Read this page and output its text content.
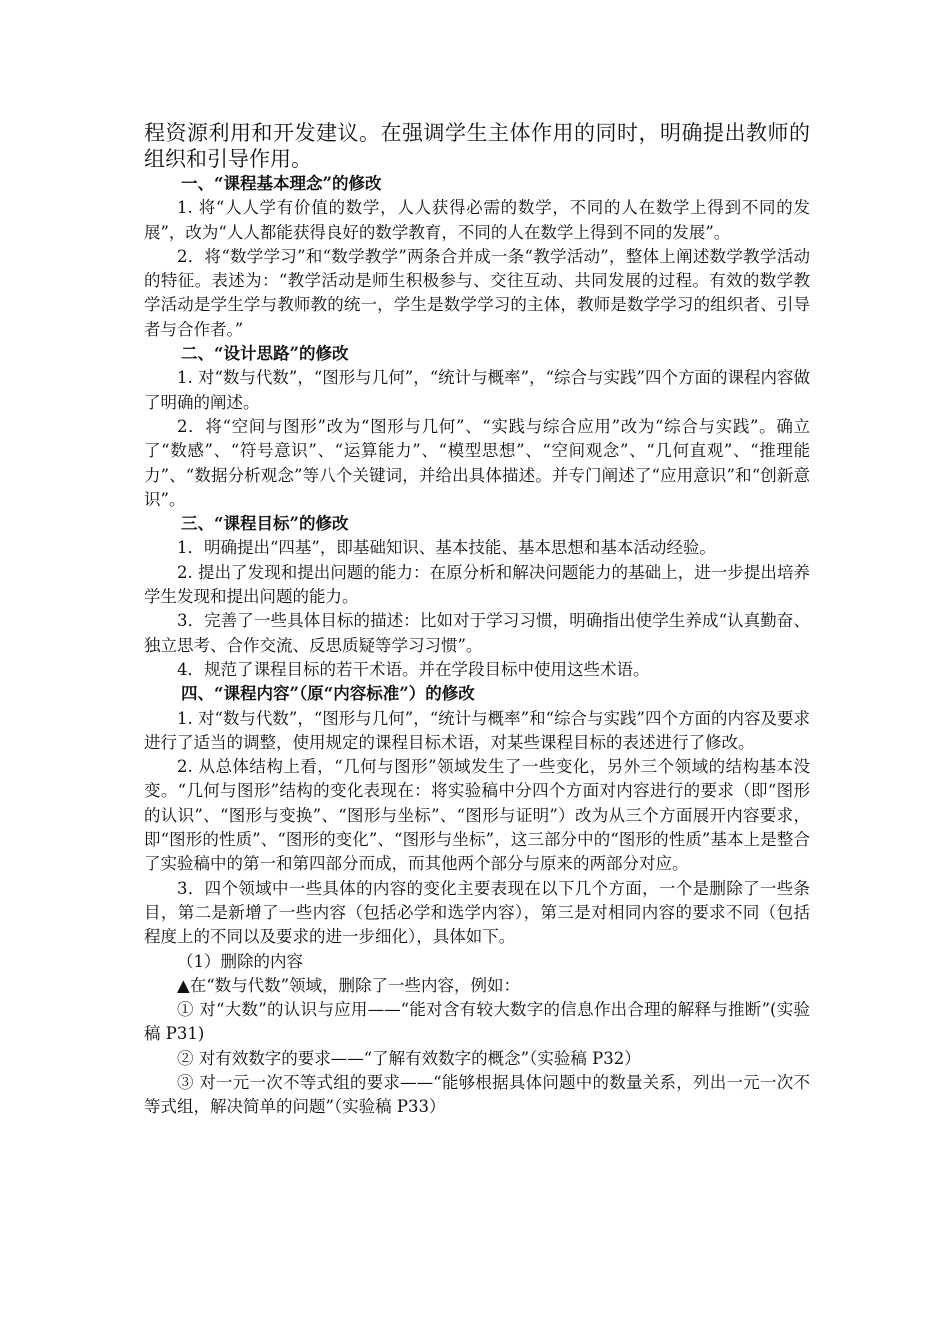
程资源利用和开发建议。在强调学生主体作用的同时，明确提出教师的组织和引导作用。

一、“课程基本理念”的修改

1. 将“人人学有价值的数学，人人获得必需的数学，不同的人在数学上得到不同的发展”，改为“人人都能获得良好的数学教育，不同的人在数学上得到不同的发展”。

2．将“数学学习”和“数学教学”两条合并成一条“教学活动”，整体上阐述数学教学活动的特征。表述为：“教学活动是师生积极参与、交往互动、共同发展的过程。有效的数学教学活动是学生学与教师教的统一，学生是数学学习的主体，教师是数学学习的组织者、引导者与合作者。”

二、“设计思路”的修改

1. 对“数与代数”，“图形与几何”，“统计与概率”，“综合与实践”四个方面的课程内容做了明确的阐述。

2．将“空间与图形”改为“图形与几何”、“实践与综合应用”改为“综合与实践”。确立了“数感”、“符号意识”、“运算能力”、“模型思想”、“空间观念”、“几何直观”、“推理能力”、“数据分析观念”等八个关键词，并给出具体描述。并专门阐述了“应用意识”和“创新意识”。

三、“课程目标”的修改

1．明确提出“四基”，即基础知识、基本技能、基本思想和基本活动经验。

2. 提出了发现和提出问题的能力：在原分析和解决问题能力的基础上，进一步提出培养学生发现和提出问题的能力。

3．完善了一些具体目标的描述：比如对于学习习惯，明确指出使学生养成“认真勤奋、独立思考、合作交流、反思质疑等学习习惯”。

4．规范了课程目标的若干术语。并在学段目标中使用这些术语。

四、“课程内容”（原“内容标准”）的修改

1. 对“数与代数”，“图形与几何”，“统计与概率”和“综合与实践”四个方面的内容及要求进行了适当的调整，使用规定的课程目标术语，对某些课程目标的表述进行了修改。

2. 从总体结构上看，“几何与图形”领域发生了一些变化，另外三个领域的结构基本没变。“几何与图形”结构的变化表现在：将实验稿中分四个方面对内容进行的要求（即“图形的认识”、“图形与变换”、“图形与坐标”、“图形与证明”）改为从三个方面展开内容要求，即“图形的性质”、“图形的变化”、“图形与坐标”，这三部分中的“图形的性质”基本上是整合了实验稿中的第一和第四部分而成，而其他两个部分与原来的两部分对应。

3．四个领域中一些具体的内容的变化主要表现在以下几个方面，一个是删除了一些条目，第二是新增了一些内容（包括必学和选学内容），第三是对相同内容的要求不同（包括程度上的不同以及要求的进一步细化），具体如下。

（1）删除的内容

▲在“数与代数”领域，删除了一些内容，例如：

① 对“大数”的认识与应用——“能对含有较大数字的信息作出合理的解释与推断”(实验稿 P31)

② 对有效数字的要求——“了解有效数字的概念”（实验稿 P32）

③ 对一元一次不等式组的要求——“能够根据具体问题中的数量关系，列出一元一次不等式组，解决简单的问题”（实验稿 P33）
